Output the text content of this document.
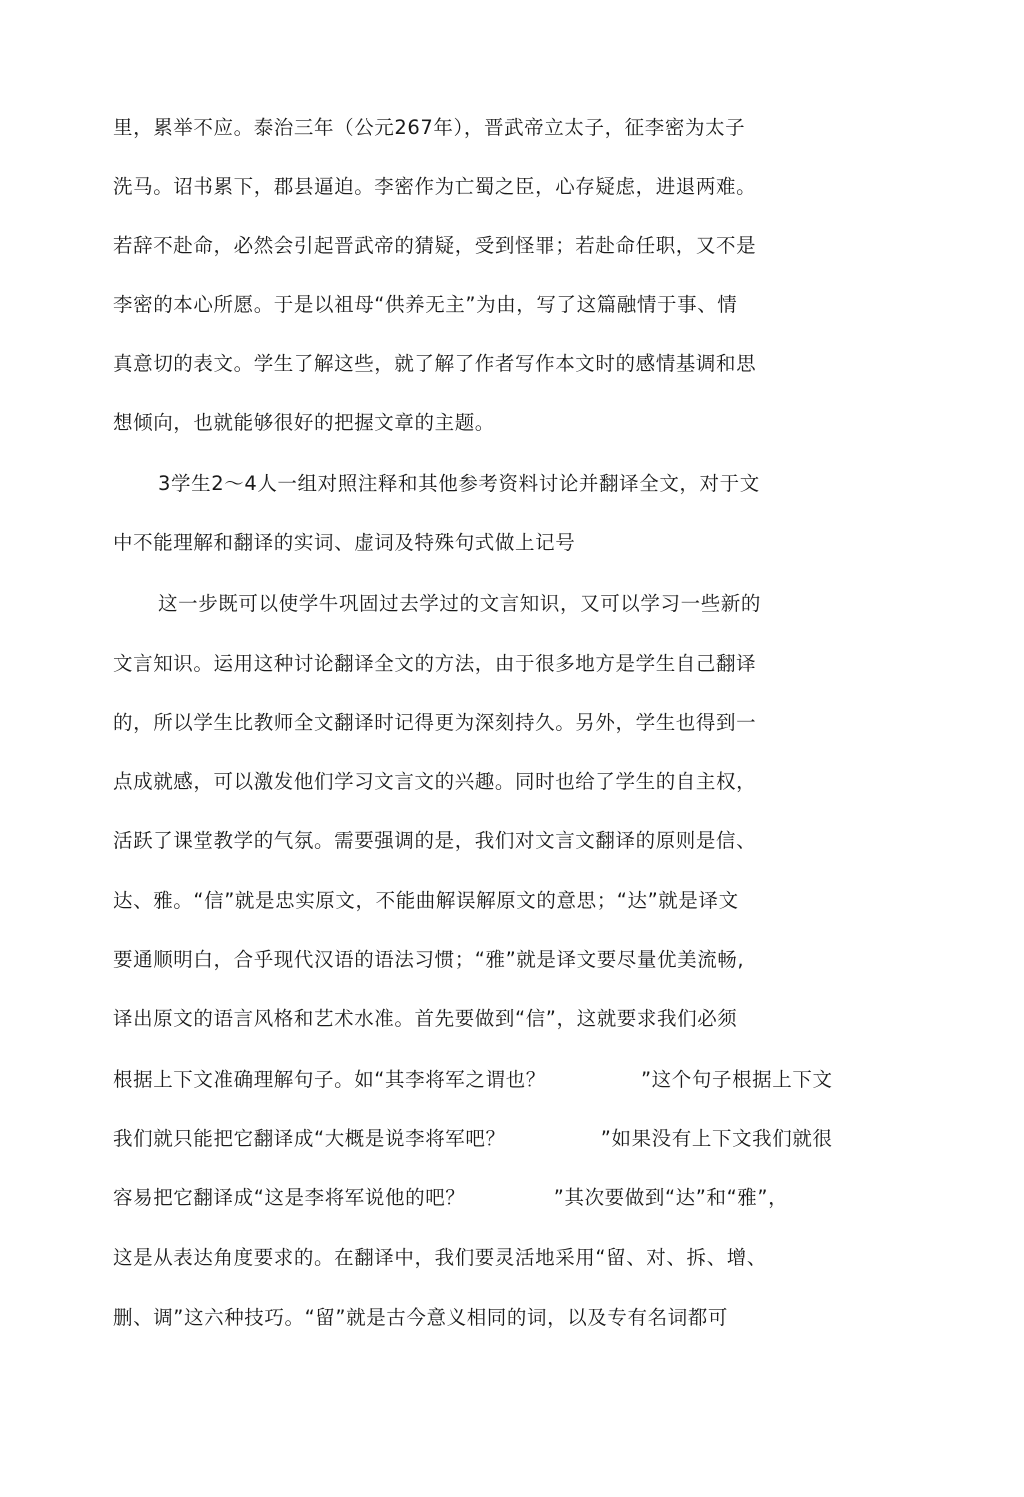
里，累举不应。泰治三年（公元267年），晋武帝立太子，征李密为太子
洗马。诏书累下，郡县逼迫。李密作为亡蜀之臣，心存疑虑，进退两难。
若辞不赴命，必然会引起晋武帝的猜疑，受到怪罪；若赴命任职，又不是
李密的本心所愿。于是以祖母“供养无主”为由，写了这篇融情于事、情
真意切的表文。学生了解这些，就了解了作者写作本文时的感情基调和思
想倾向，也就能够很好的把握文章的主题。
3学生2～4人一组对照注释和其他参考资料讨论并翻译全文，对于文
中不能理解和翻译的实词、虚词及特殊句式做上记号
这一步既可以使学牛巩固过去学过的文言知识，又可以学习一些新的
文言知识。运用这种讨论翻译全文的方法，由于很多地方是学生自己翻译
的，所以学生比教师全文翻译时记得更为深刻持久。另外，学生也得到一
点成就感，可以激发他们学习文言文的兴趣。同时也给了学生的自主权，
活跃了课堂教学的气氛。需要强调的是，我们对文言文翻译的原则是信、
达、雅。“信”就是忠实原文，不能曲解误解原文的意思；“达”就是译文
要通顺明白，合乎现代汉语的语法习惯；“雅”就是译文要尽量优美流畅,
译出原文的语言风格和艺术水准。首先要做到“信”，这就要求我们必须
根据上下文准确理解句子。如“其李将军之谓也？              ”这个句子根据上下文
我们就只能把它翻译成“大概是说李将军吧？              ”如果没有上下文我们就很
容易把它翻译成“这是李将军说他的吧？             ”其次要做到“达”和“雅”，
这是从表达角度要求的。在翻译中，我们要灵活地采用“留、对、拆、增、
删、调”这六种技巧。“留”就是古今意义相同的词，以及专有名词都可
